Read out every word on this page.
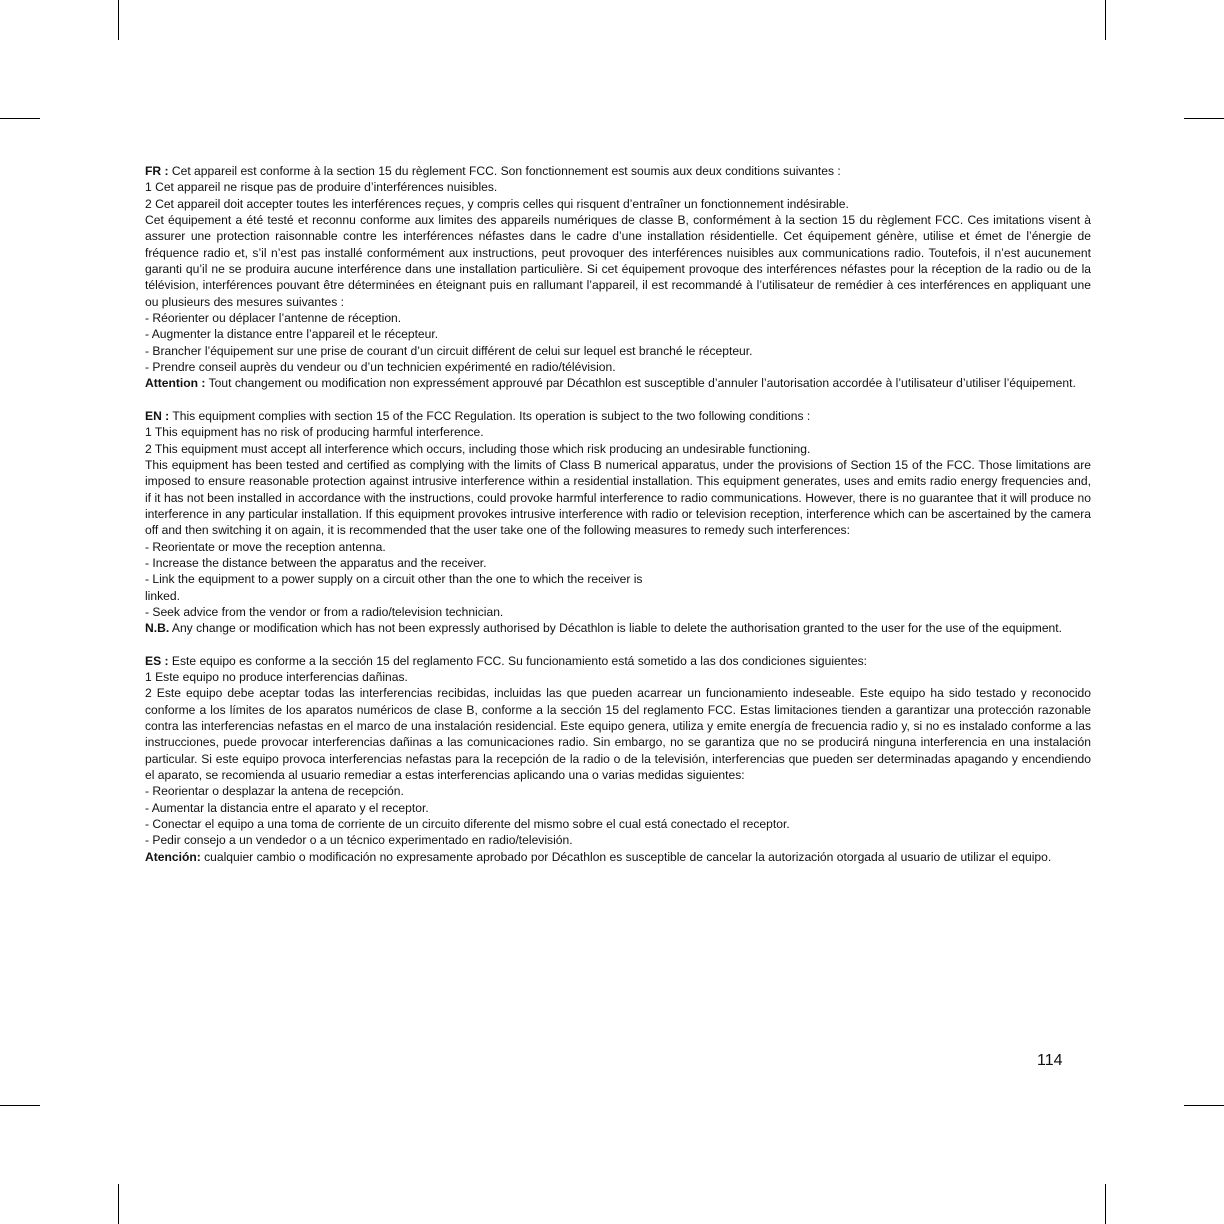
FR : Cet appareil est conforme à la section 15 du règlement FCC. Son fonctionnement est soumis aux deux conditions suivantes :

1 Cet appareil ne risque pas de produire d’interférences nuisibles.

2 Cet appareil doit accepter toutes les interférences reçues, y compris celles qui risquent d’entraîner un fonctionnement indésirable.

Cet équipement a été testé et reconnu conforme aux limites des appareils numériques de classe B, conformément à la section 15 du règlement FCC. Ces imitations visent à assurer une protection raisonnable contre les interférences néfastes dans le cadre d’une installation résidentielle. Cet équipement génère, utilise et émet de l’énergie de fréquence radio et, s’il n’est pas installé conformément aux instructions, peut provoquer des interférences nuisibles aux communications radio. Toutefois, il n’est aucunement garanti qu’il ne se produira aucune interférence dans une installation particulière. Si cet équipement provoque des interférences néfastes pour la réception de la radio ou de la télévision, interférences pouvant être déterminées en éteignant puis en rallumant l’appareil, il est recommandé à l’utilisateur de remédier à ces interférences en appliquant une ou plusieurs des mesures suivantes :

- Réorienter ou déplacer l’antenne de réception.

- Augmenter la distance entre l’appareil et le récepteur.

- Brancher l’équipement sur une prise de courant d’un circuit différent de celui sur lequel est branché le récepteur.

- Prendre conseil auprès du vendeur ou d’un technicien expérimenté en radio/télévision.

Attention : Tout changement ou modification non expressément approuvé par Décathlon est susceptible d’annuler l’autorisation accordée à l’utilisateur d’utiliser l’équipement.

EN : This equipment complies with section 15 of the FCC Regulation. Its operation is subject to the two following conditions :

1 This equipment has no risk of producing harmful interference.

2 This equipment must accept all interference which occurs, including those which risk producing an undesirable functioning.

This equipment has been tested and certified as complying with the limits of Class B numerical apparatus, under the provisions of Section 15 of the FCC. Those limitations are imposed to ensure reasonable protection against intrusive interference within a residential installation. This equipment generates, uses and emits radio energy frequencies and, if it has not been installed in accordance with the instructions, could provoke harmful interference to radio communications. However, there is no guarantee that it will produce no interference in any particular installation. If this equipment provokes intrusive interference with radio or television reception, interference which can be ascertained by the camera off and then switching it on again, it is recommended that the user take one of the following measures to remedy such interferences:

- Reorientate or move the reception antenna.

- Increase the distance between the apparatus and the receiver.

- Link the equipment to a power supply on a circuit other than the one to which the receiver is

linked.

- Seek advice from the vendor or from a radio/television technician.

N.B. Any change or modification which has not been expressly authorised by Décathlon is liable to delete the authorisation granted to the user for the use of the equipment.

ES : Este equipo es conforme a la sección 15 del reglamento FCC. Su funcionamiento está sometido a las dos condiciones siguientes:

1 Este equipo no produce interferencias dañinas.

2 Este equipo debe aceptar todas las interferencias recibidas, incluidas las que pueden acarrear un funcionamiento indeseable. Este equipo ha sido testado y reconocido conforme a los límites de los aparatos numéricos de clase B, conforme a la sección 15 del reglamento FCC. Estas limitaciones tienden a garantizar una protección razonable contra las interferencias nefastas en el marco de una instalación residencial. Este equipo genera, utiliza y emite energía de frecuencia radio y, si no es instalado conforme a las instrucciones, puede provocar interferencias dañinas a las comunicaciones radio. Sin embargo, no se garantiza que no se producirá ninguna interferencia en una instalación particular. Si este equipo provoca interferencias nefastas para la recepción de la radio o de la televisión, interferencias que pueden ser determinadas apagando y encendiendo el aparato, se recomienda al usuario remediar a estas interferencias aplicando una o varias medidas siguientes:

- Reorientar o desplazar la antena de recepción.

- Aumentar la distancia entre el aparato y el receptor.

- Conectar el equipo a una toma de corriente de un circuito diferente del mismo sobre el cual está conectado el receptor.

- Pedir consejo a un vendedor o a un técnico experimentado en radio/televisión.

Atención: cualquier cambio o modificación no expresamente aprobado por Décathlon es susceptible de cancelar la autorización otorgada al usuario de utilizar el equipo.

114
